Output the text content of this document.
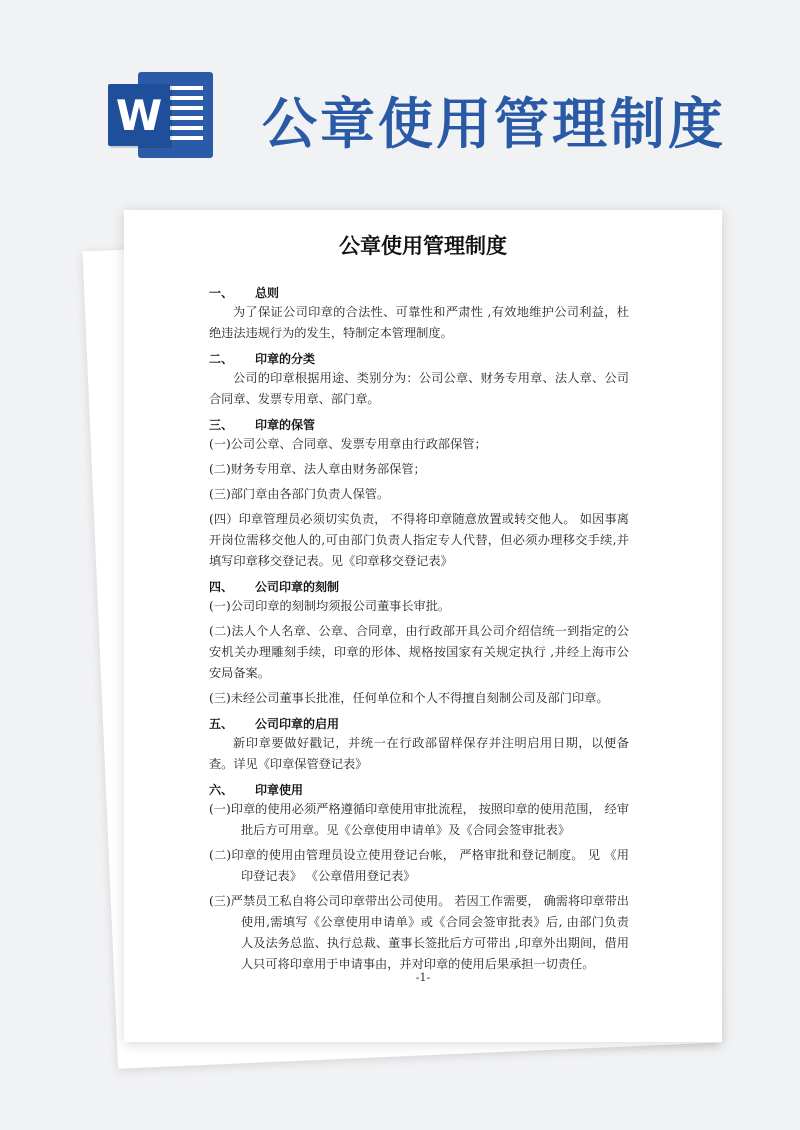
W 公章使用管理制度
公章使用管理制度
一、	总则

为了保证公司印章的合法性、可靠性和严肃性 ,有效地维护公司利益，杜绝违法违规行为的发生，特制定本管理制度。

二、	印章的分类

公司的印章根据用途、类别分为：公司公章、财务专用章、法人章、公司合同章、发票专用章、部门章。

三、	印章的保管

(一)公司公章、合同章、发票专用章由行政部保管；

(二)财务专用章、法人章由财务部保管；

(三)部门章由各部门负责人保管。

(四）印章管理员必须切实负责， 不得将印章随意放置或转交他人。 如因事离开岗位需移交他人的,可由部门负责人指定专人代替，但必须办理移交手续,并填写印章移交登记表。见《印章移交登记表》

四、	公司印章的刻制

(一)公司印章的刻制均须报公司董事长审批。

(二)法人个人名章、公章、合同章，由行政部开具公司介绍信统一到指定的公安机关办理雕刻手续，印章的形体、规格按国家有关规定执行 ,并经上海市公安局备案。

(三)未经公司董事长批准，任何单位和个人不得擅自刻制公司及部门印章。

五、	公司印章的启用

新印章要做好戳记，并统一在行政部留样保存并注明启用日期，以便备查。详见《印章保管登记表》

六、	印章使用

(一)印章的使用必须严格遵循印章使用审批流程， 按照印章的使用范围， 经审批后方可用章。见《公章使用申请单》及《合同会签审批表》

(二)印章的使用由管理员设立使用登记台帐， 严格审批和登记制度。 见 《用印登记表》 《公章借用登记表》

(三)严禁员工私自将公司印章带出公司使用。 若因工作需要， 确需将印章带出使用,需填写《公章使用申请单》或《合同会签审批表》后, 由部门负责人及法务总监、执行总裁、董事长签批后方可带出 ,印章外出期间，借用人只可将印章用于申请事由，并对印章的使用后果承担一切责任。

-1-
